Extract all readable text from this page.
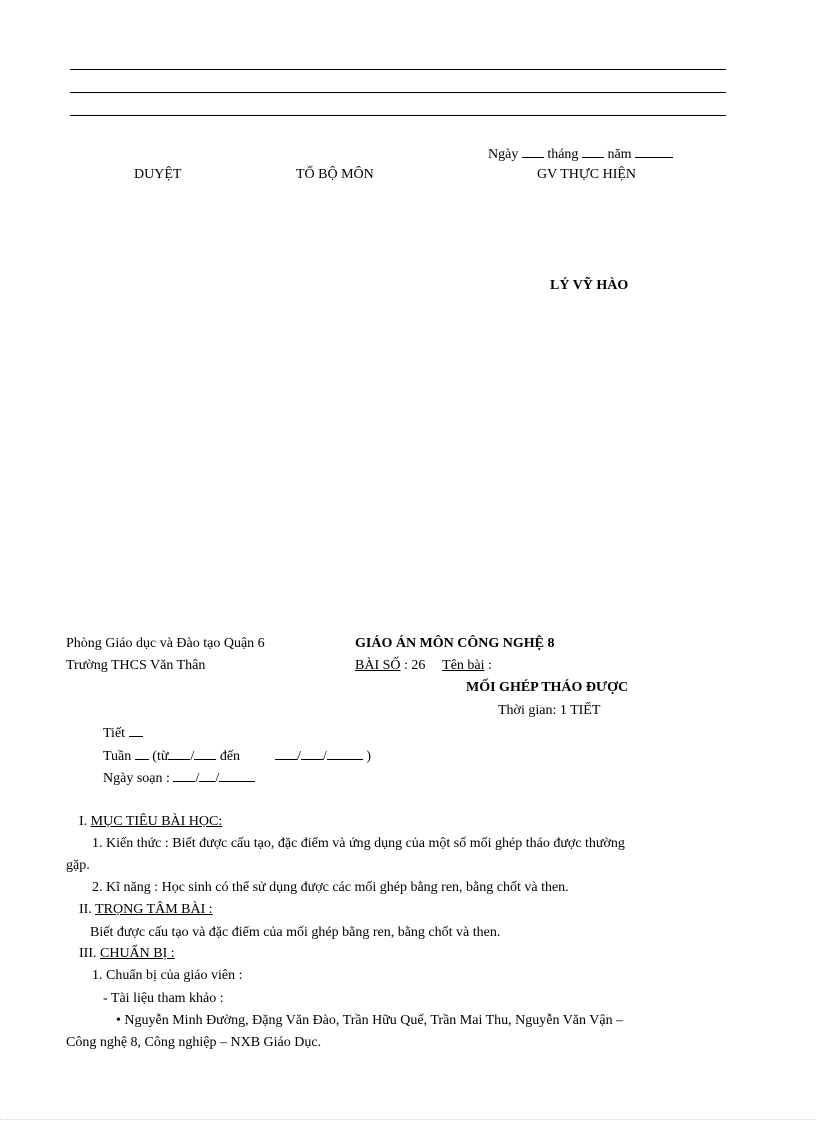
Ngày tháng năm
DUYỆT	TỔ BỘ MÔN	GV THỰC HIỆN
LÝ VỸ HÀO
Phòng Giáo dục và Đào tạo Quận 6	GIÁO ÁN MÔN CÔNG NGHỆ 8
Trường THCS Văn Thân	BÀI SỐ : 26 Tên bài :
MỐI GHÉP THÁO ĐƯỢC
Thời gian: 1 TIẾT
Tiết
Tuần (từ / đến	/ /	)
Ngày soạn : / /
I. MỤC TIÊU BÀI HỌC:
1. Kiến thức : Biết được cấu tạo, đặc điểm và ứng dụng của một số mối ghép tháo được thường
gặp.
2. Kĩ năng : Học sinh có thể sử dụng được các mối ghép bằng ren, bằng chốt và then.
II. TRỌNG TÂM BÀI :
Biết được cấu tạo và đặc điểm của mối ghép bằng ren, bằng chốt và then.
III. CHUẨN BỊ :
1. Chuẩn bị của giáo viên :
- Tài liệu tham khảo :
• Nguyễn Minh Đường, Đặng Văn Đào, Trần Hữu Quế, Trần Mai Thu, Nguyễn Văn Vận –
Công nghệ 8, Công nghiệp – NXB Giáo Dục.
